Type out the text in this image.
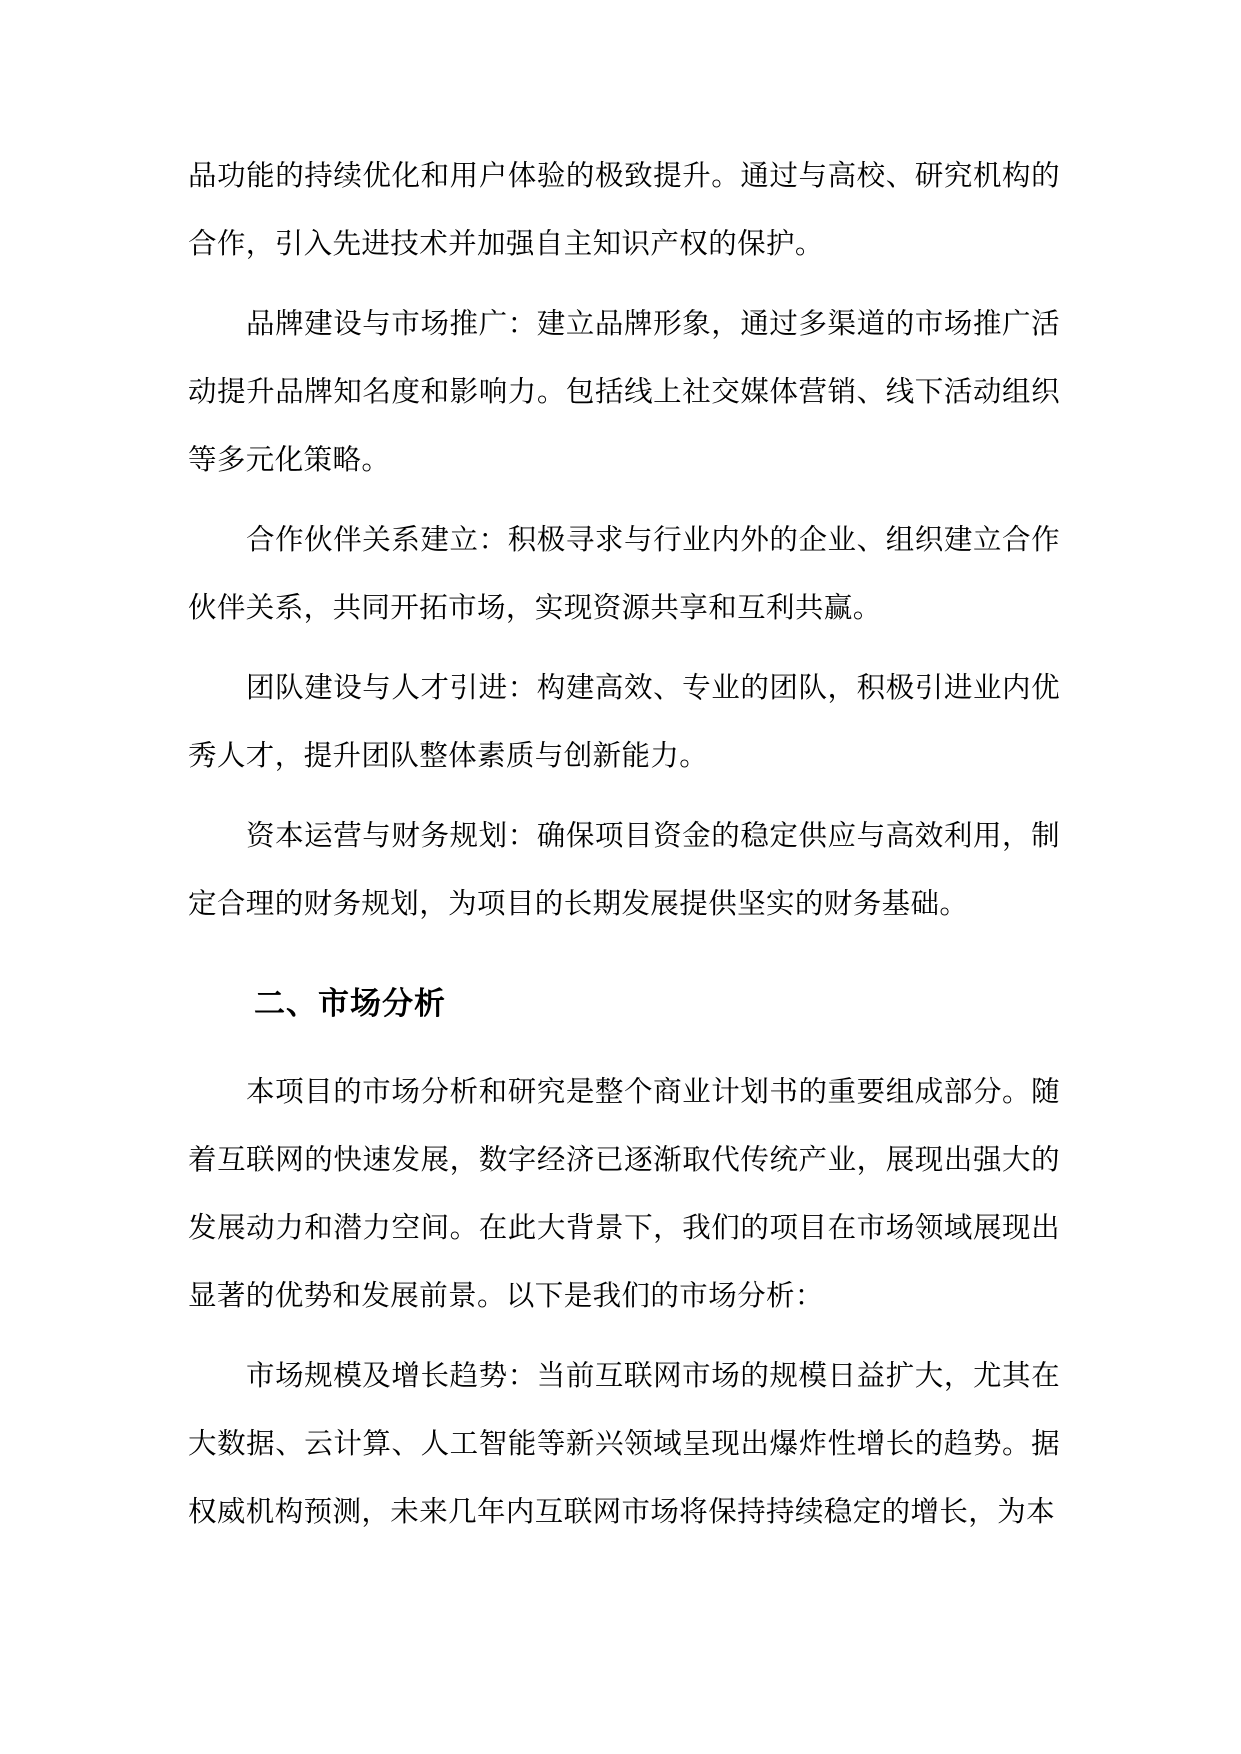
品功能的持续优化和用户体验的极致提升。通过与高校、研究机构的合作，引入先进技术并加强自主知识产权的保护。

品牌建设与市场推广：建立品牌形象，通过多渠道的市场推广活动提升品牌知名度和影响力。包括线上社交媒体营销、线下活动组织等多元化策略。

合作伙伴关系建立：积极寻求与行业内外的企业、组织建立合作伙伴关系，共同开拓市场，实现资源共享和互利共赢。

团队建设与人才引进：构建高效、专业的团队，积极引进业内优秀人才，提升团队整体素质与创新能力。

资本运营与财务规划：确保项目资金的稳定供应与高效利用，制定合理的财务规划，为项目的长期发展提供坚实的财务基础。

二、市场分析

本项目的市场分析和研究是整个商业计划书的重要组成部分。随着互联网的快速发展，数字经济已逐渐取代传统产业，展现出强大的发展动力和潜力空间。在此大背景下，我们的项目在市场领域展现出显著的优势和发展前景。以下是我们的市场分析：

市场规模及增长趋势：当前互联网市场的规模日益扩大，尤其在大数据、云计算、人工智能等新兴领域呈现出爆炸性增长的趋势。据权威机构预测，未来几年内互联网市场将保持持续稳定的增长，为本
